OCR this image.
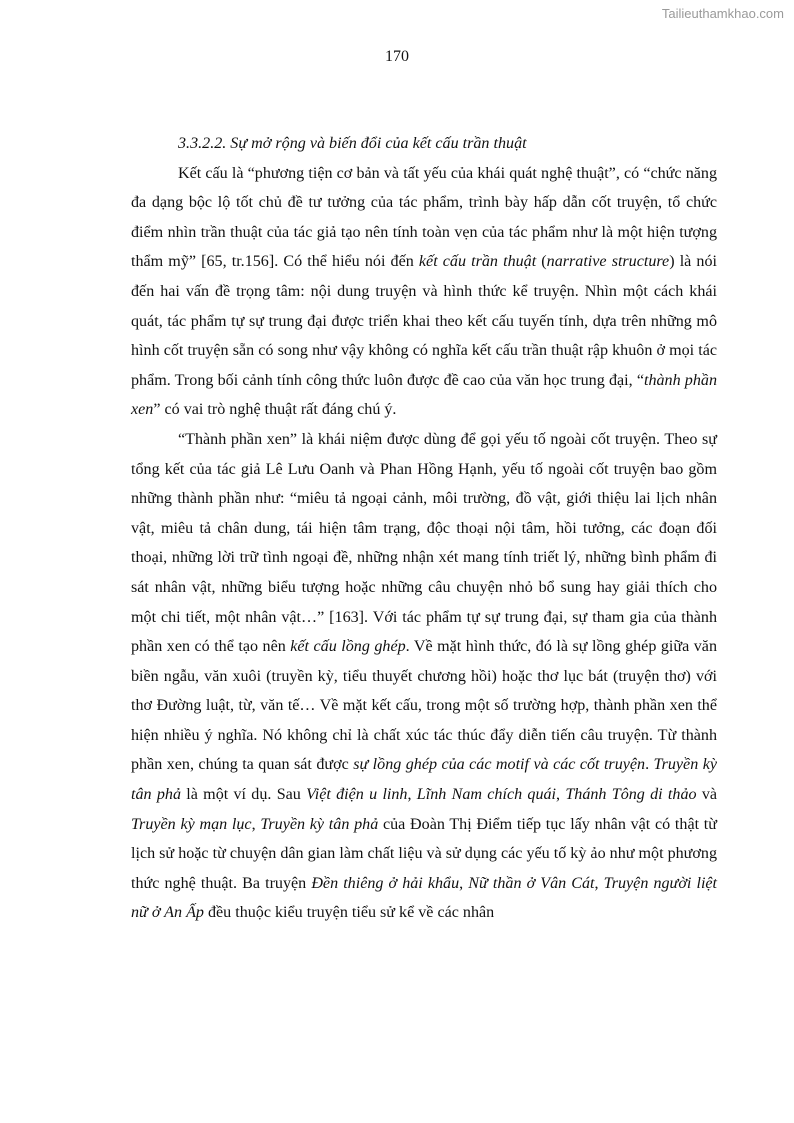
Tailieuthamkhao.com
170
3.3.2.2. Sự mở rộng và biến đổi của kết cấu trần thuật

Kết cấu là “phương tiện cơ bản và tất yếu của khái quát nghệ thuật”, có “chức năng đa dạng bộc lộ tốt chủ đề tư tưởng của tác phẩm, trình bày hấp dẫn cốt truyện, tổ chức điểm nhìn trần thuật của tác giả tạo nên tính toàn vẹn của tác phẩm như là một hiện tượng thẩm mỹ” [65, tr.156]. Có thể hiểu nói đến kết cấu trần thuật (narrative structure) là nói đến hai vấn đề trọng tâm: nội dung truyện và hình thức kể truyện. Nhìn một cách khái quát, tác phẩm tự sự trung đại được triển khai theo kết cấu tuyến tính, dựa trên những mô hình cốt truyện sẵn có song như vậy không có nghĩa kết cấu trần thuật rập khuôn ở mọi tác phẩm. Trong bối cảnh tính công thức luôn được đề cao của văn học trung đại, “thành phần xen” có vai trò nghệ thuật rất đáng chú ý.

“Thành phần xen” là khái niệm được dùng để gọi yếu tố ngoài cốt truyện. Theo sự tổng kết của tác giả Lê Lưu Oanh và Phan Hồng Hạnh, yếu tố ngoài cốt truyện bao gồm những thành phần như: “miêu tả ngoại cảnh, môi trường, đồ vật, giới thiệu lai lịch nhân vật, miêu tả chân dung, tái hiện tâm trạng, độc thoại nội tâm, hồi tưởng, các đoạn đối thoại, những lời trữ tình ngoại đề, những nhận xét mang tính triết lý, những bình phẩm đi sát nhân vật, những biểu tượng hoặc những câu chuyện nhỏ bổ sung hay giải thích cho một chi tiết, một nhân vật…” [163]. Với tác phẩm tự sự trung đại, sự tham gia của thành phần xen có thể tạo nên kết cấu lồng ghép. Về mặt hình thức, đó là sự lồng ghép giữa văn biền ngẫu, văn xuôi (truyền kỳ, tiểu thuyết chương hồi) hoặc thơ lục bát (truyện thơ) với thơ Đường luật, từ, văn tế… Về mặt kết cấu, trong một số trường hợp, thành phần xen thể hiện nhiều ý nghĩa. Nó không chỉ là chất xúc tác thúc đẩy diễn tiến câu truyện. Từ thành phần xen, chúng ta quan sát được sự lồng ghép của các motif và các cốt truyện. Truyền kỳ tân phả là một ví dụ. Sau Việt điện u linh, Lĩnh Nam chích quái, Thánh Tông di thảo và Truyền kỳ mạn lục, Truyền kỳ tân phả của Đoàn Thị Điểm tiếp tục lấy nhân vật có thật từ lịch sử hoặc từ chuyện dân gian làm chất liệu và sử dụng các yếu tố kỳ ảo như một phương thức nghệ thuật. Ba truyện Đền thiêng ở hải khẩu, Nữ thần ở Vân Cát, Truyện người liệt nữ ở An Ấp đều thuộc kiểu truyện tiểu sử kể về các nhân
